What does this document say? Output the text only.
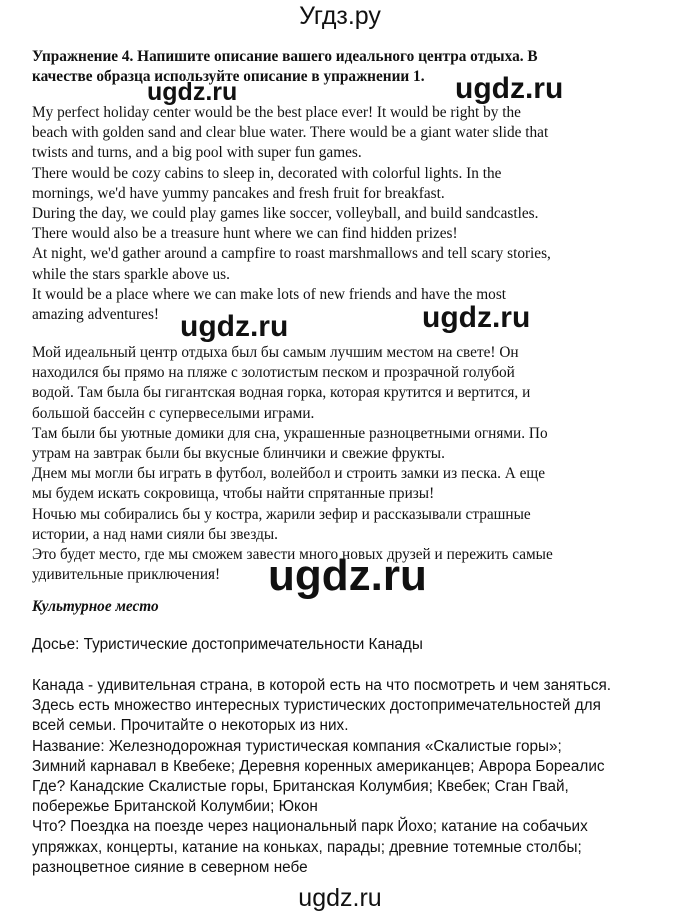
Угдз.ру
Упражнение 4. Напишите описание вашего идеального центра отдыха. В
качестве образца используйте описание в упражнении 1.
My perfect holiday center would be the best place ever! It would be right by the
beach with golden sand and clear blue water. There would be a giant water slide that
twists and turns, and a big pool with super fun games.
There would be cozy cabins to sleep in, decorated with colorful lights. In the
mornings, we'd have yummy pancakes and fresh fruit for breakfast.
During the day, we could play games like soccer, volleyball, and build sandcastles.
There would also be a treasure hunt where we can find hidden prizes!
At night, we'd gather around a campfire to roast marshmallows and tell scary stories,
while the stars sparkle above us.
It would be a place where we can make lots of new friends and have the most
amazing adventures!
Мой идеальный центр отдыха был бы самым лучшим местом на свете! Он
находился бы прямо на пляже с золотистым песком и прозрачной голубой
водой. Там была бы гигантская водная горка, которая крутится и вертится, и
большой бассейн с супервеселыми играми.
Там были бы уютные домики для сна, украшенные разноцветными огнями. По
утрам на завтрак были бы вкусные блинчики и свежие фрукты.
Днем мы могли бы играть в футбол, волейбол и строить замки из песка. А еще
мы будем искать сокровища, чтобы найти спрятанные призы!
Ночью мы собирались бы у костра, жарили зефир и рассказывали страшные
истории, а над нами сияли бы звезды.
Это будет место, где мы сможем завести много новых друзей и пережить самые
удивительные приключения!
Культурное место
Досье: Туристические достопримечательности Канады
Канада - удивительная страна, в которой есть на что посмотреть и чем заняться.
Здесь есть множество интересных туристических достопримечательностей для
всей семьи. Прочитайте о некоторых из них.
Название: Железнодорожная туристическая компания «Скалистые горы»;
Зимний карнавал в Квебеке; Деревня коренных американцев; Аврора Бореалис
Где? Канадские Скалистые горы, Британская Колумбия; Квебек; Сган Гвай,
побережье Британской Колумбии; Юкон
Что? Поездка на поезде через национальный парк Йохо; катание на собачьих
упряжках, концерты, катание на коньках, парады; древние тотемные столбы;
разноцветное сияние в северном небе
ugdz.ru	ugdz.ru
ugdz.ru	ugdz.ru
ugdz.ru
ugdz.ru
